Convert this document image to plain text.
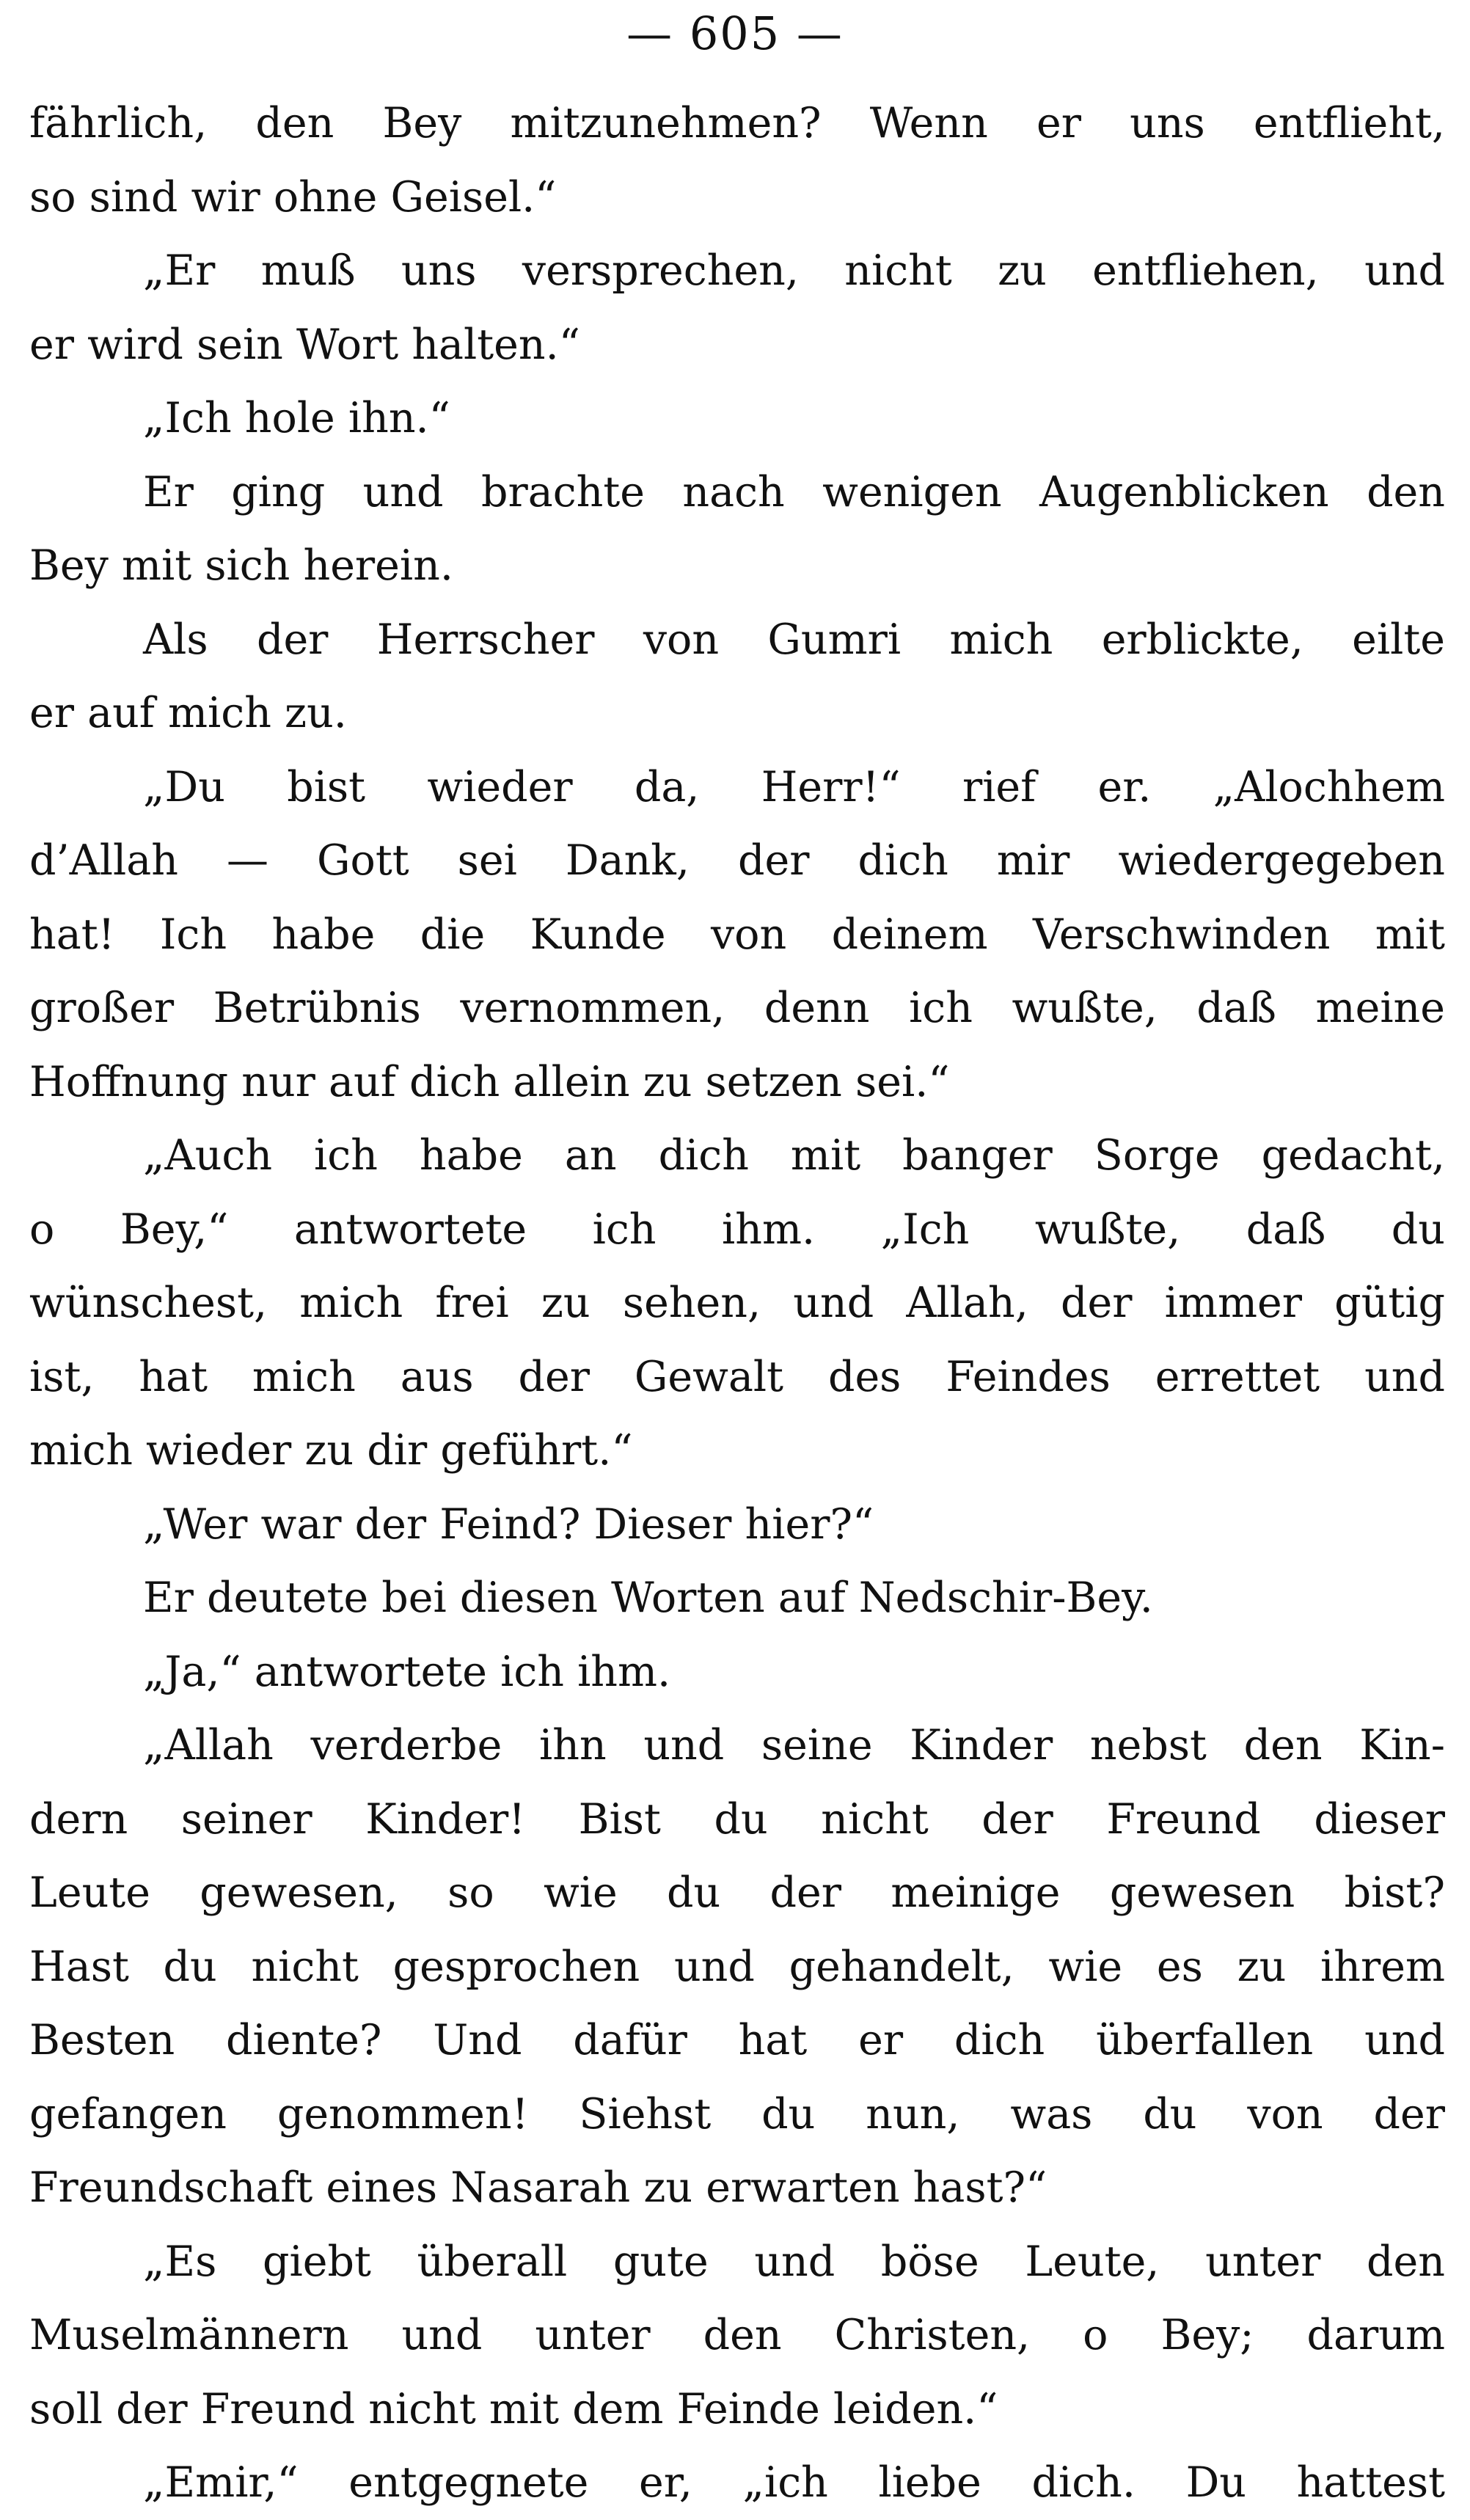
— 605 —
fährlich, den Bey mitzunehmen? Wenn er uns entflieht,
so sind wir ohne Geisel.“
„Er muß uns versprechen, nicht zu entfliehen, und
er wird sein Wort halten.“
„Ich hole ihn.“
Er ging und brachte nach wenigen Augenblicken den
Bey mit sich herein.
Als der Herrscher von Gumri mich erblickte, eilte
er auf mich zu.
„Du bist wieder da, Herr!“ rief er. „Alochhem
d’Allah — Gott sei Dank, der dich mir wiedergegeben
hat! Ich habe die Kunde von deinem Verschwinden mit
großer Betrübnis vernommen, denn ich wußte, daß meine
Hoffnung nur auf dich allein zu setzen sei.“
„Auch ich habe an dich mit banger Sorge gedacht,
o Bey,“ antwortete ich ihm. „Ich wußte, daß du
wünschest, mich frei zu sehen, und Allah, der immer gütig
ist, hat mich aus der Gewalt des Feindes errettet und
mich wieder zu dir geführt.“
„Wer war der Feind? Dieser hier?“
Er deutete bei diesen Worten auf Nedschir-Bey.
„Ja,“ antwortete ich ihm.
„Allah verderbe ihn und seine Kinder nebst den Kin-
dern seiner Kinder! Bist du nicht der Freund dieser
Leute gewesen, so wie du der meinige gewesen bist?
Hast du nicht gesprochen und gehandelt, wie es zu ihrem
Besten diente? Und dafür hat er dich überfallen und
gefangen genommen! Siehst du nun, was du von der
Freundschaft eines Nasarah zu erwarten hast?“
„Es giebt überall gute und böse Leute, unter den
Muselmännern und unter den Christen, o Bey; darum
soll der Freund nicht mit dem Feinde leiden.“
„Emir,“ entgegnete er, „ich liebe dich. Du hattest
